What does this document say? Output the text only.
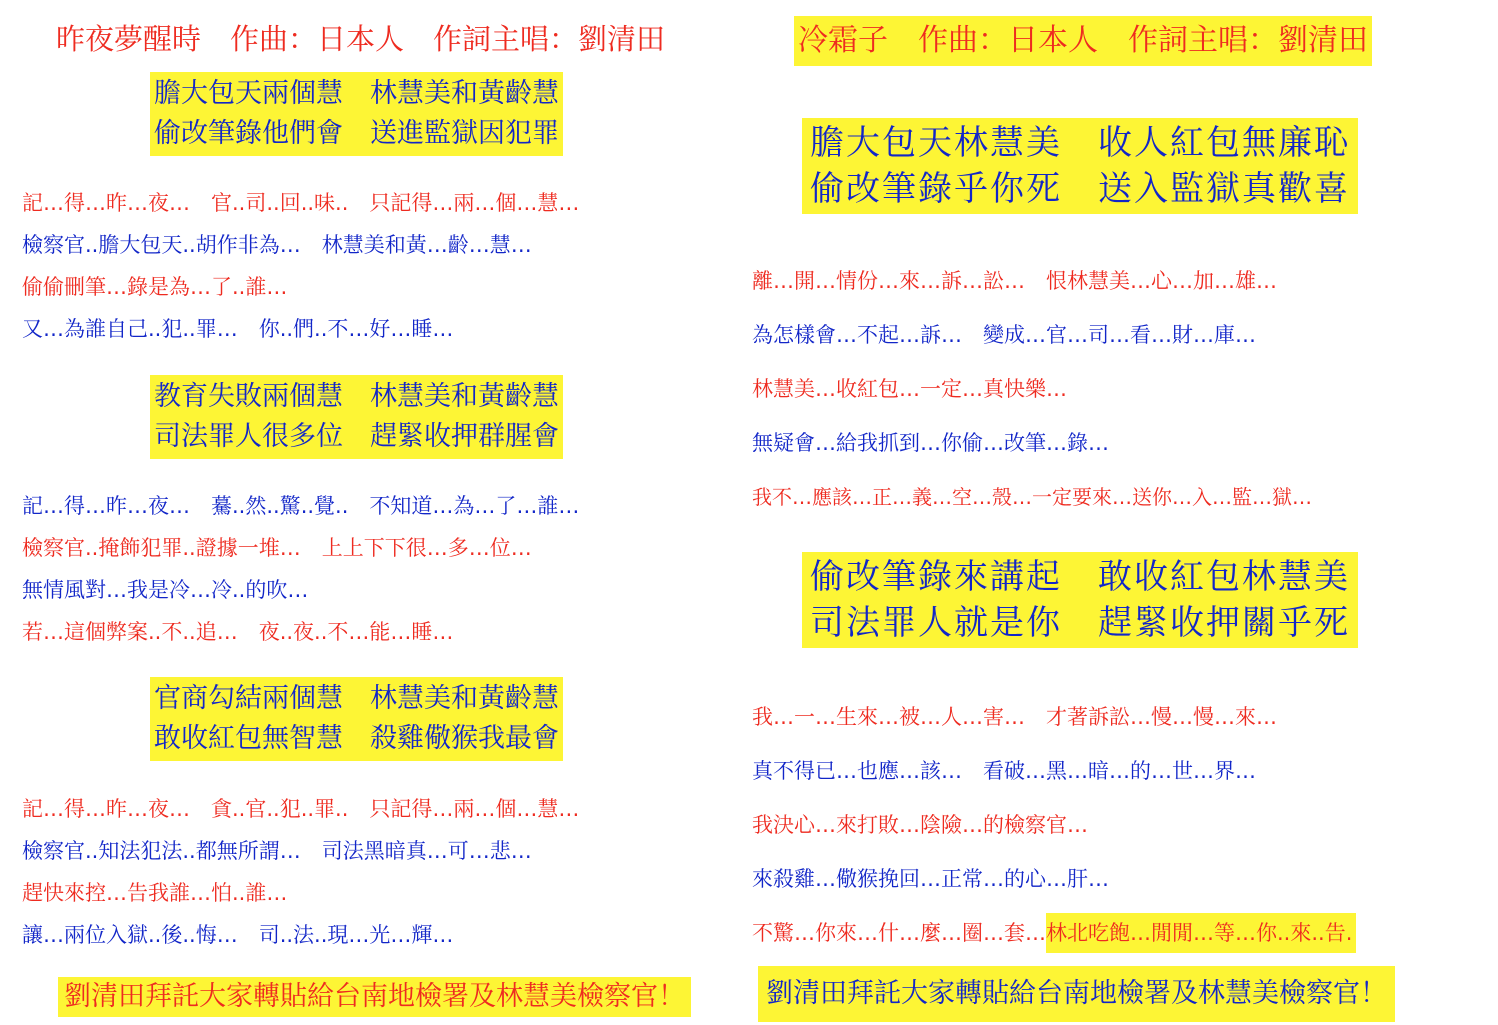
昨夜夢醒時　作曲：日本人　作詞主唱：劉清田
膽大包天兩個慧　林慧美和黃齡慧
偷改筆錄他們會　送進監獄因犯罪
記…得…昨…夜…　官..司..回..味..　只記得…兩…個…慧…
檢察官..膽大包天..胡作非為…　林慧美和黃…齡…慧…
偷偷刪筆…錄是為…了..誰…
又…為誰自己..犯..罪…　你..們..不…好…睡…
教育失敗兩個慧　林慧美和黃齡慧
司法罪人很多位　趕緊收押群腥會
記…得…昨…夜…　驀..然..驚..覺..　不知道…為…了…誰…
檢察官..掩飾犯罪..證據一堆…　上上下下很…多…位…
無情風對…我是冷…冷..的吹…
若…這個弊案..不..追…　夜..夜..不…能…睡…
官商勾結兩個慧　林慧美和黃齡慧
敢收紅包無智慧　殺雞儆猴我最會
記…得…昨…夜…　貪..官..犯..罪..　只記得…兩…個…慧…
檢察官..知法犯法..都無所謂…　司法黑暗真…可…悲…
趕快來控…告我誰…怕..誰…
讓…兩位入獄..後..悔…　司..法..現…光…輝…
劉清田拜託大家轉貼給台南地檢署及林慧美檢察官！
冷霜子　作曲：日本人　作詞主唱：劉清田
膽大包天林慧美　收人紅包無廉恥
偷改筆錄乎你死　送入監獄真歡喜
離…開…情份…來…訴…訟…　恨林慧美…心…加…雄…
為怎樣會…不起…訴…　變成…官…司…看…財…庫…
林慧美…收紅包…一定…真快樂…
無疑會…給我抓到…你偷…改筆…錄…
我不…應該…正…義…空…殼…一定要來…送你…入…監…獄…
偷改筆錄來講起　敢收紅包林慧美
司法罪人就是你　趕緊收押關乎死
我…一…生來…被…人…害…　才著訴訟…慢…慢…來…
真不得已…也應…該…　看破…黑…暗…的…世…界…
我決心…來打敗…陰險…的檢察官…
來殺雞…儆猴挽回…正常…的心…肝…
不驚…你來…什…麼…圈…套…林北吃飽…閒閒…等…你..來..告.
劉清田拜託大家轉貼給台南地檢署及林慧美檢察官！
